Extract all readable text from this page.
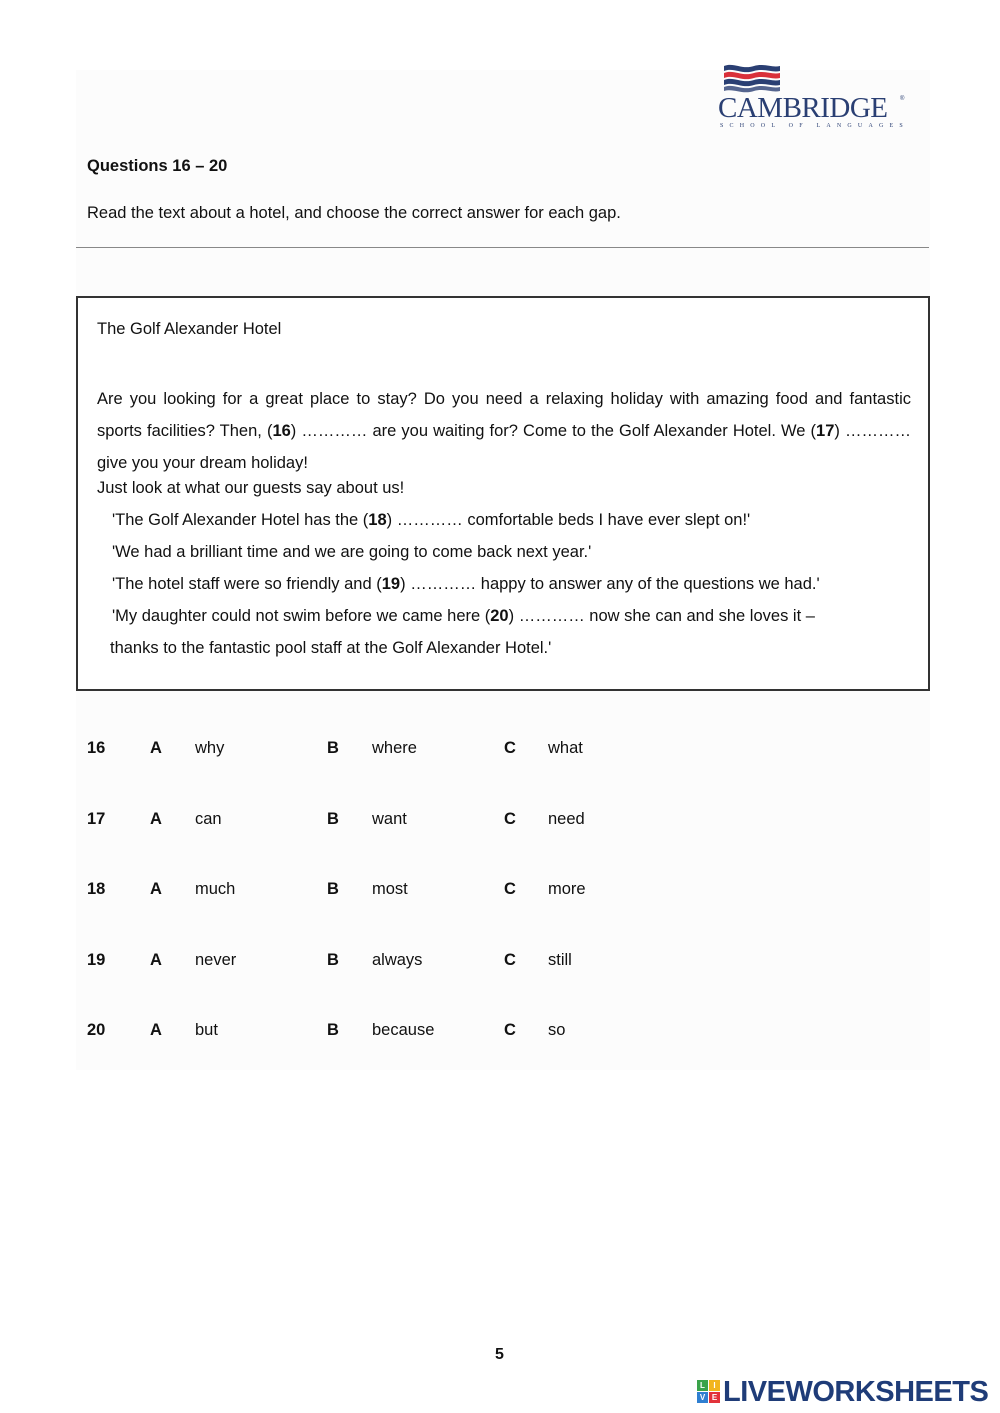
CAMBRIDGE ®
SCHOOL OF LANGUAGES
Questions 16 – 20
Read the text about a hotel, and choose the correct answer for each gap.
The Golf Alexander Hotel
Are you looking for a great place to stay? Do you need a relaxing holiday with amazing food and fantastic sports facilities? Then, (16) ………… are you waiting for? Come to the Golf Alexander Hotel. We (17) ………… give you your dream holiday!
Just look at what our guests say about us!
'The Golf Alexander Hotel has the (18) ………… comfortable beds I have ever slept on!'
'We had a brilliant time and we are going to come back next year.'
'The hotel staff were so friendly and (19) ………… happy to answer any of the questions we had.'
'My daughter could not swim before we came here (20) ………… now she can and she loves it –
thanks to the fantastic pool staff at the Golf Alexander Hotel.'
16	A why	B where	C what
17	A can	B want	C need
18	A much	B most	C more
19	A never	B always	C still
20	A but	B because	C so
5
L	I
V E LIVEWORKSHEETS
